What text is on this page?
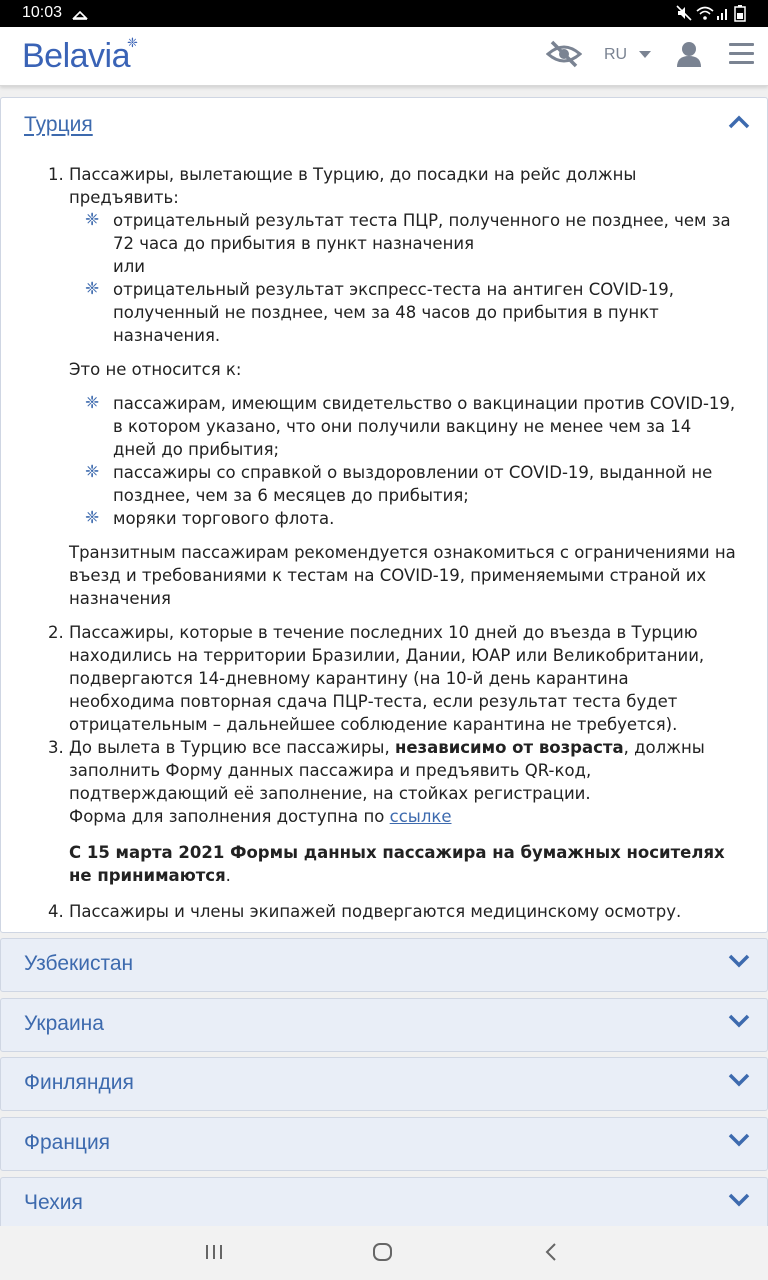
10:03
Belavia
❈
RU
Турция
1. Пассажиры, вылетающие в Турцию, до посадки на рейс должны предъявить:
❈ отрицательный результат теста ПЦР, полученного не позднее, чем за 72 часа до прибытия в пункт назначения
или
❈ отрицательный результат экспресс-теста на антиген COVID-19, полученный не позднее, чем за 48 часов до прибытия в пункт назначения.

Это не относится к:

❈ пассажирам, имеющим свидетельство о вакцинации против COVID-19, в котором указано, что они получили вакцину не менее чем за 14 дней до прибытия;
❈ пассажиры со справкой о выздоровлении от COVID-19, выданной не позднее, чем за 6 месяцев до прибытия;
❈ моряки торгового флота.

Транзитным пассажирам рекомендуется ознакомиться с ограничениями на въезд и требованиями к тестам на COVID-19, применяемыми страной их назначения

2. Пассажиры, которые в течение последних 10 дней до въезда в Турцию находились на территории Бразилии, Дании, ЮАР или Великобритании, подвергаются 14-дневному карантину (на 10-й день карантина необходима повторная сдача ПЦР-теста, если результат теста будет отрицательным – дальнейшее соблюдение карантина не требуется).
3. До вылета в Турцию все пассажиры, независимо от возраста, должны заполнить Форму данных пассажира и предъявить QR-код, подтверждающий её заполнение, на стойках регистрации.
Форма для заполнения доступна по ссылке

С 15 марта 2021 Формы данных пассажира на бумажных носителях не принимаются.

4. Пассажиры и члены экипажей подвергаются медицинскому осмотру.
Узбекистан
Украина
Финляндия
Франция
Чехия
